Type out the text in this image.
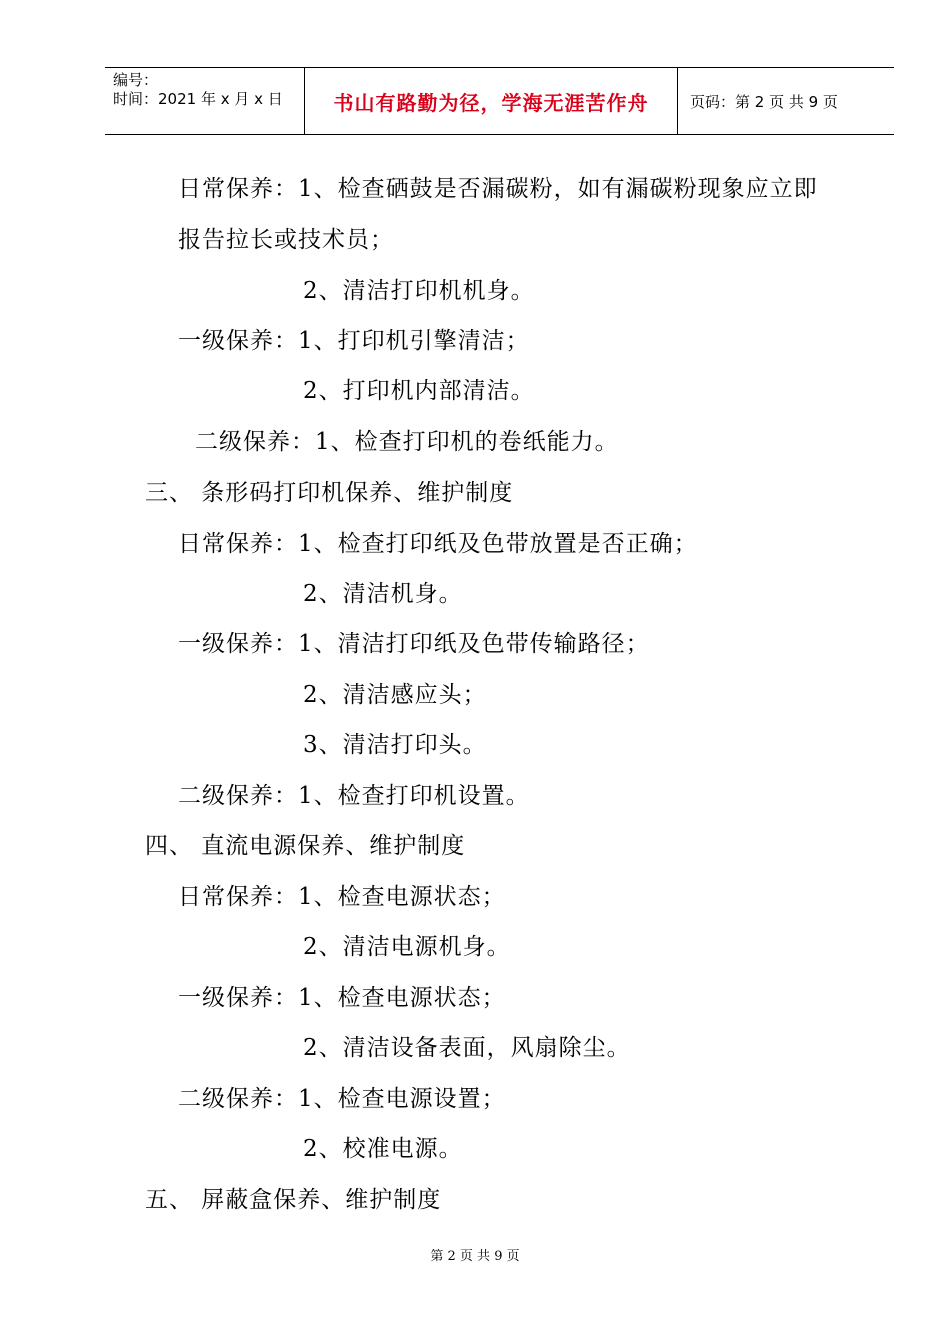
编号：
时间：2021 年 x 月 x 日	书山有路勤为径，学海无涯苦作舟	页码：第 2 页 共 9 页
日常保养：1、检查硒鼓是否漏碳粉，如有漏碳粉现象应立即
报告拉长或技术员；
2、清洁打印机机身。
一级保养：1、打印机引擎清洁；
2、打印机内部清洁。
二级保养：1、检查打印机的卷纸能力。
三、 条形码打印机保养、维护制度
日常保养：1、检查打印纸及色带放置是否正确；
2、清洁机身。
一级保养：1、清洁打印纸及色带传输路径；
2、清洁感应头；
3、清洁打印头。
二级保养：1、检查打印机设置。
四、 直流电源保养、维护制度
日常保养：1、检查电源状态；
2、清洁电源机身。
一级保养：1、检查电源状态；
2、清洁设备表面，风扇除尘。
二级保养：1、检查电源设置；
2、校准电源。
五、 屏蔽盒保养、维护制度
第 2 页 共 9 页
